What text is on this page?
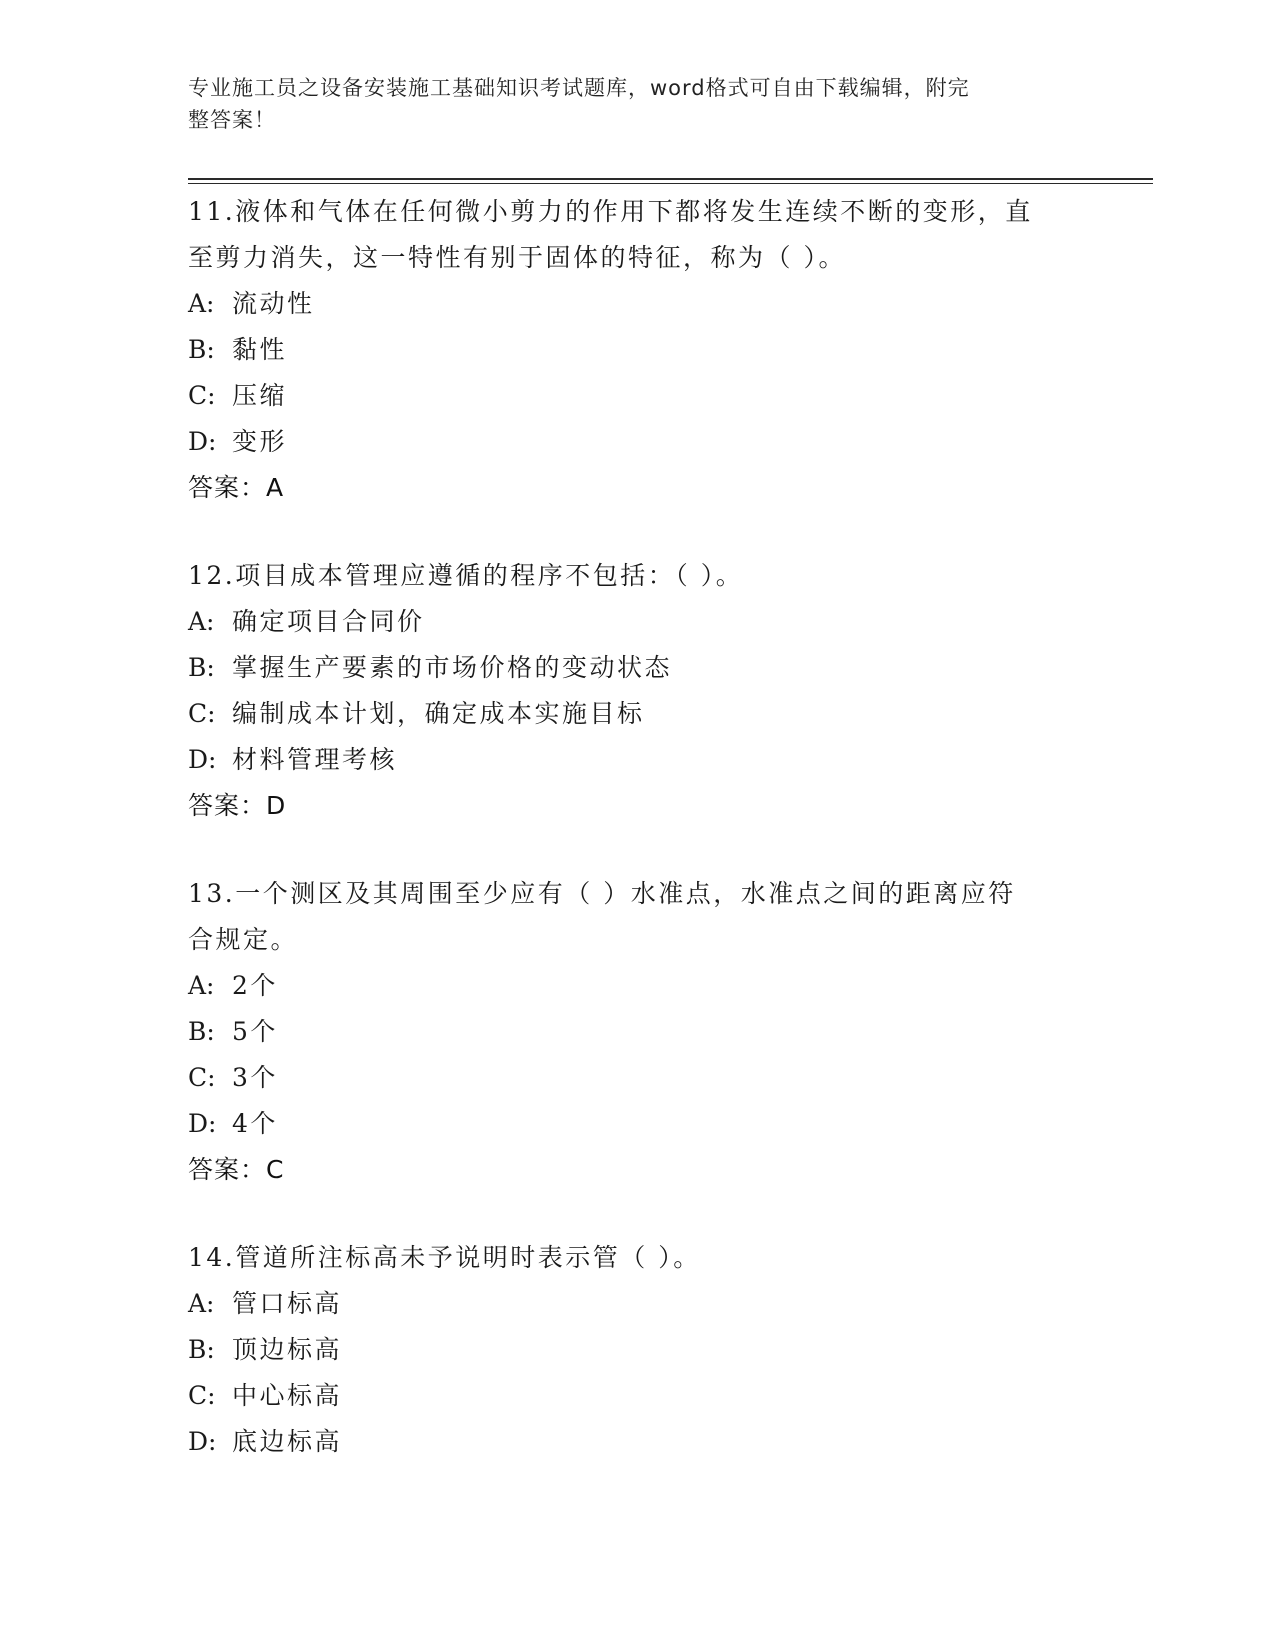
专业施工员之设备安装施工基础知识考试题库，word格式可自由下载编辑，附完
整答案！
11.液体和气体在任何微小剪力的作用下都将发生连续不断的变形，直
至剪力消失，这一特性有别于固体的特征，称为（ ）。
A: 流动性
B: 黏性
C: 压缩
D: 变形
答案：A
12.项目成本管理应遵循的程序不包括：（ ）。
A: 确定项目合同价
B: 掌握生产要素的市场价格的变动状态
C: 编制成本计划，确定成本实施目标
D: 材料管理考核
答案：D
13.一个测区及其周围至少应有（ ）水准点，水准点之间的距离应符
合规定。
A: 2个
B: 5个
C: 3个
D: 4个
答案：C
14.管道所注标高未予说明时表示管（ ）。
A: 管口标高
B: 顶边标高
C: 中心标高
D: 底边标高
